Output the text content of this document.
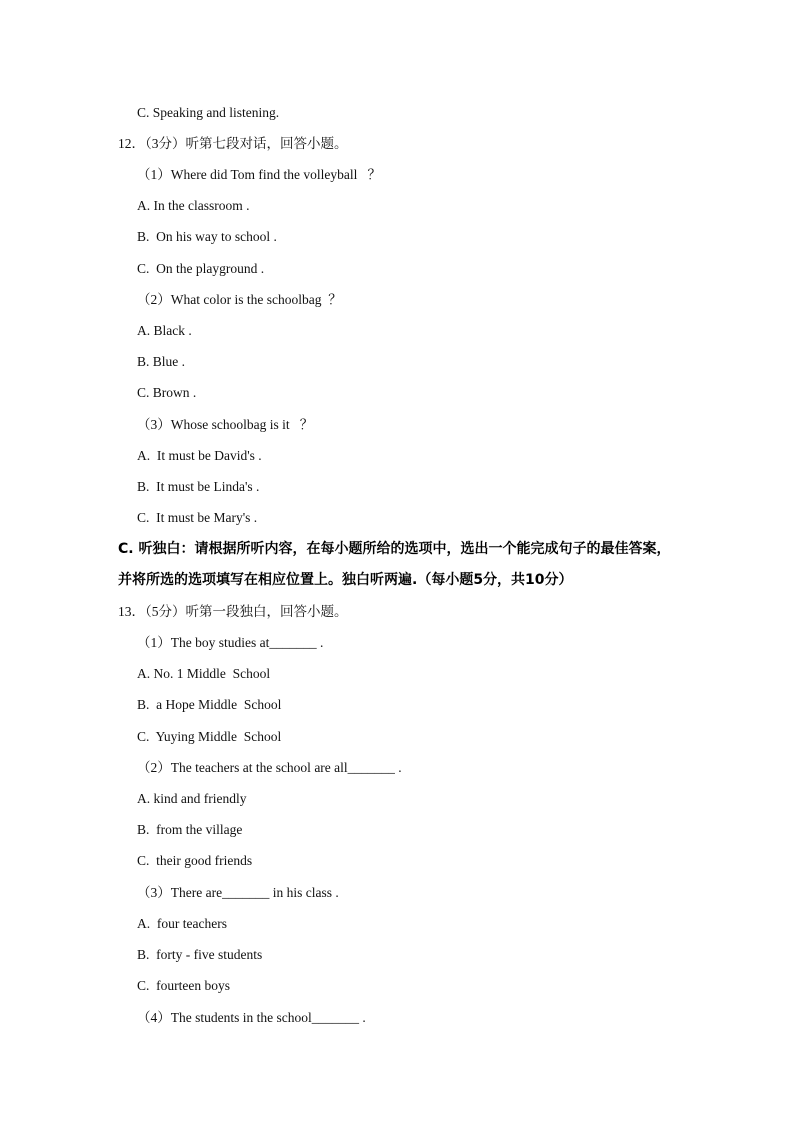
C. Speaking and listening.
12．（3分）听第七段对话，回答小题。
（1）Where did Tom find the volleyball   ？
A. In the classroom .
B.  On his way to school .
C.  On the playground .
（2）What color is the schoolbag  ？
A. Black .
B. Blue .
C. Brown .
（3）Whose schoolbag is it   ？
A.  It must be David's .
B.  It must be Linda's .
C.  It must be Mary's .
C. 听独白：请根据所听内容，在每小题所给的选项中，选出一个能完成句子的最佳答案，
并将所选的选项填写在相应位置上。独白听两遍.（每小题5分，共10分）
13．（5分）听第一段独白，回答小题。
（1）The boy studies at_______ .
A. No. 1 Middle  School
B.  a Hope Middle  School
C.  Yuying Middle  School
（2）The teachers at the school are all_______ .
A. kind and friendly
B.  from the village
C.  their good friends
（3）There are_______ in his class .
A.  four teachers
B.  forty - five students
C.  fourteen boys
（4）The students in the school_______ .
